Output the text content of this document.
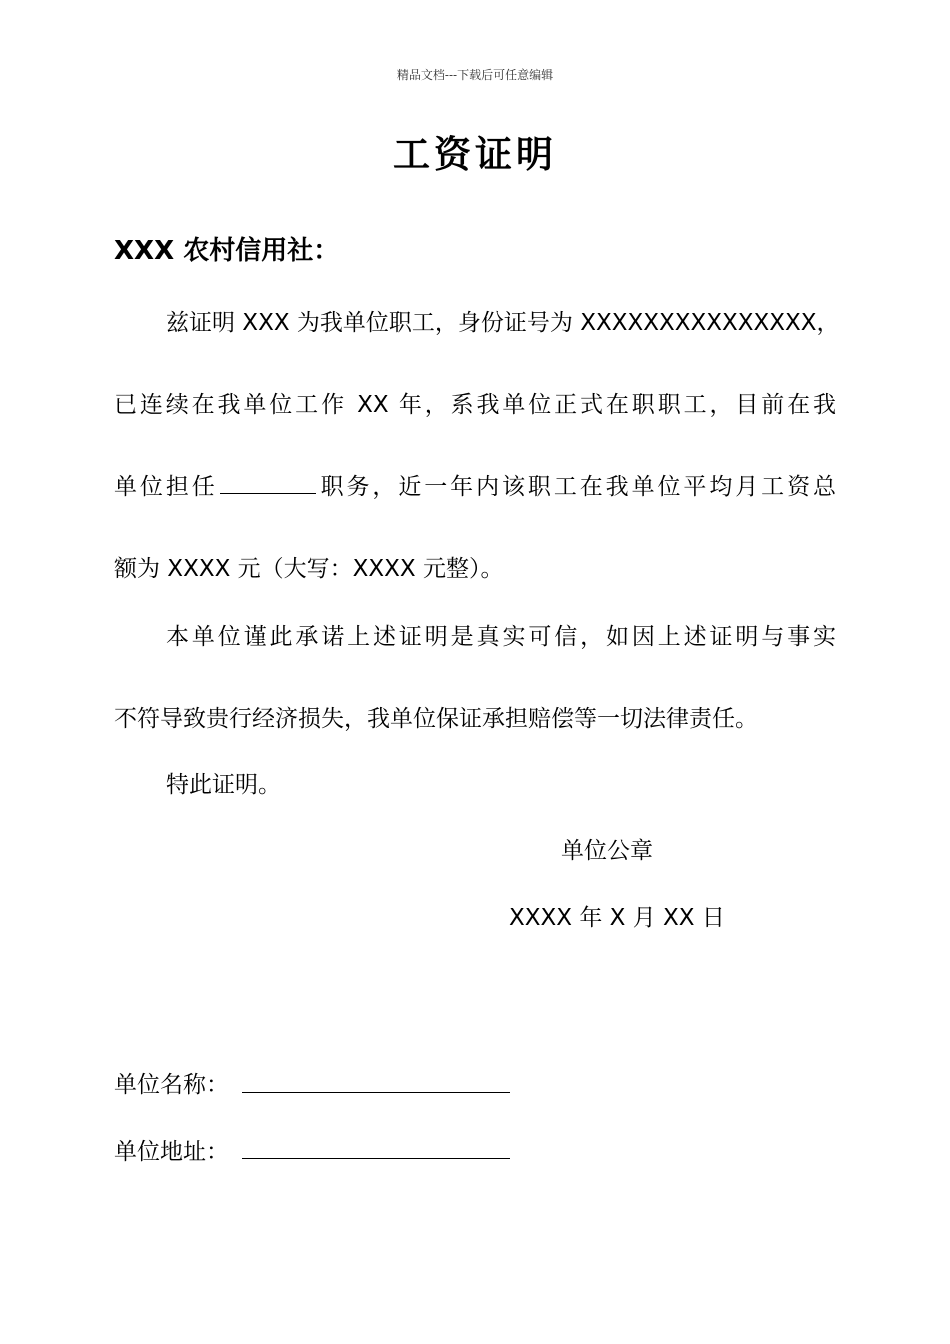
精品文档---下载后可任意编辑
工资证明
XXX 农村信用社：
兹证明 XXX 为我单位职工，身份证号为 XXXXXXXXXXXXXXX，
已连续在我单位工作 XX 年，系我单位正式在职职工，目前在我
单位担任	职务，近一年内该职工在我单位平均月工资总
额为 XXXX 元（大写：XXXX 元整）。
本单位谨此承诺上述证明是真实可信，如因上述证明与事实
不符导致贵行经济损失，我单位保证承担赔偿等一切法律责任。
特此证明。
单位公章
XXXX 年 X 月 XX 日
单位名称：
单位地址：
